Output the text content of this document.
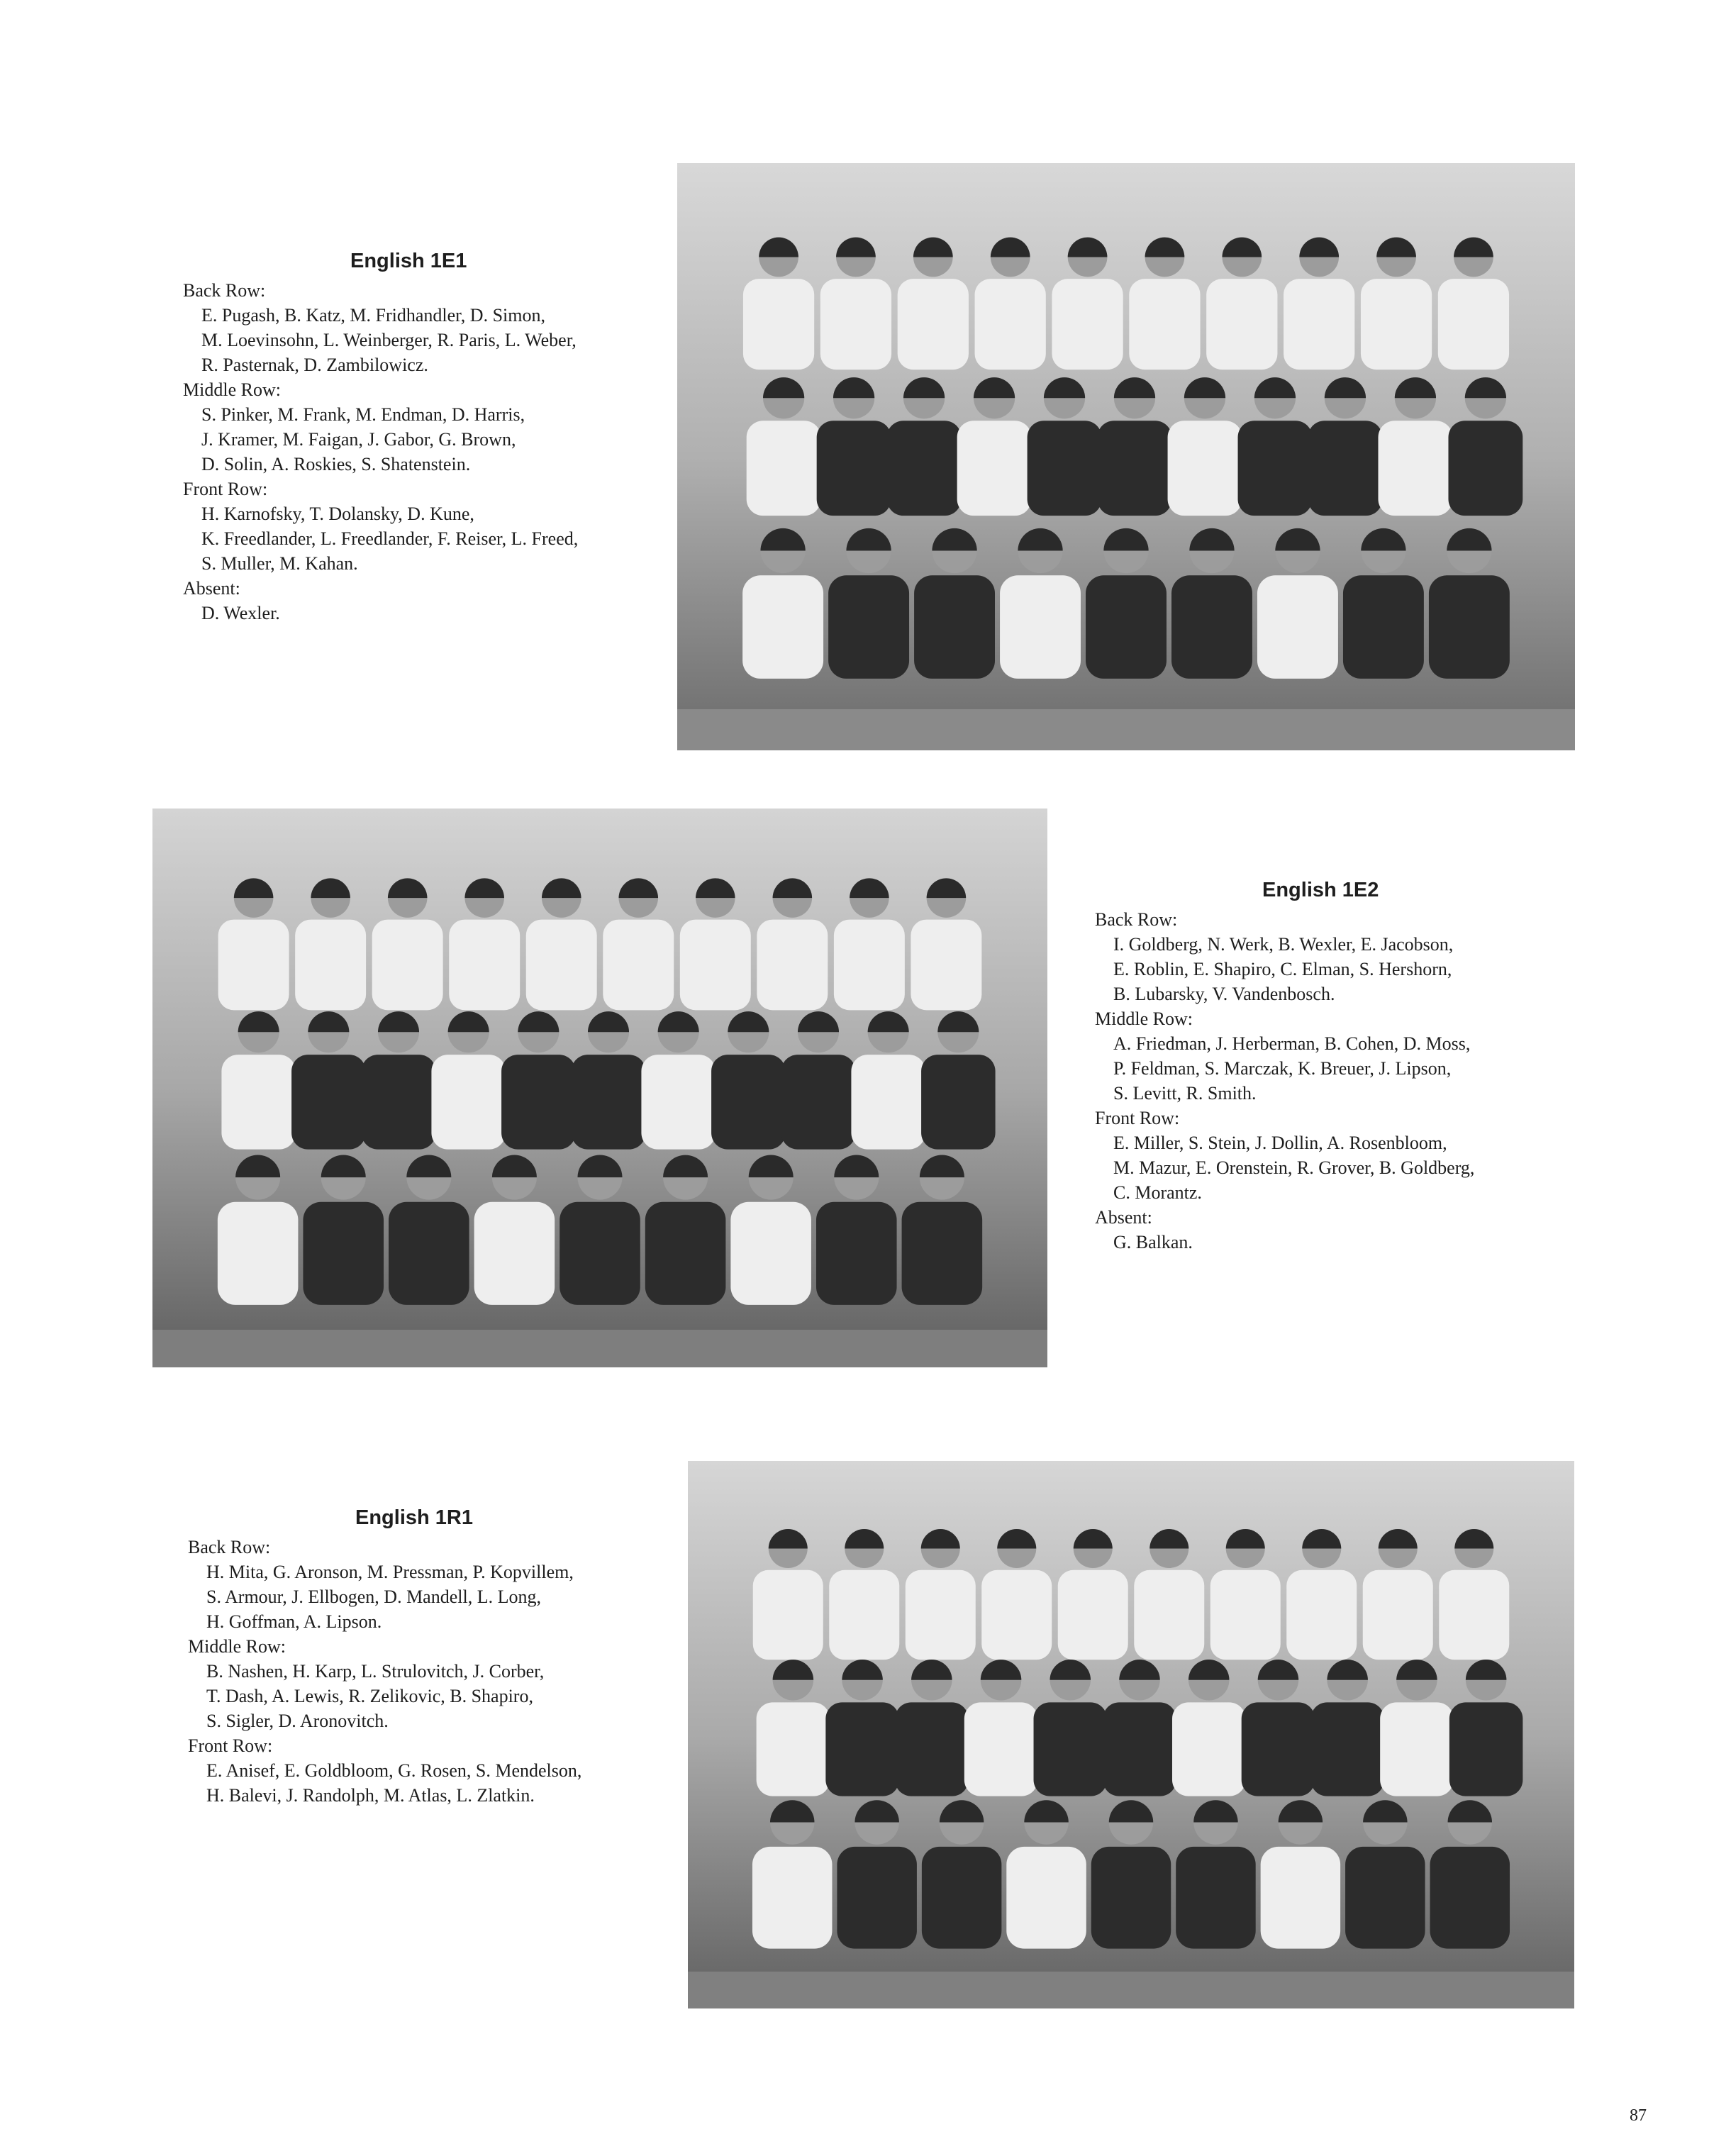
English 1E1
Back Row:
E. Pugash, B. Katz, M. Fridhandler, D. Simon,
M. Loevinsohn, L. Weinberger, R. Paris, L. Weber,
R. Pasternak, D. Zambilowicz.
Middle Row:
S. Pinker, M. Frank, M. Endman, D. Harris,
J. Kramer, M. Faigan, J. Gabor, G. Brown,
D. Solin, A. Roskies, S. Shatenstein.
Front Row:
H. Karnofsky, T. Dolansky, D. Kune,
K. Freedlander, L. Freedlander, F. Reiser, L. Freed,
S. Muller, M. Kahan.
Absent:
D. Wexler.
English 1E2
Back Row:
I. Goldberg, N. Werk, B. Wexler, E. Jacobson,
E. Roblin, E. Shapiro, C. Elman, S. Hershorn,
B. Lubarsky, V. Vandenbosch.
Middle Row:
A. Friedman, J. Herberman, B. Cohen, D. Moss,
P. Feldman, S. Marczak, K. Breuer, J. Lipson,
S. Levitt, R. Smith.
Front Row:
E. Miller, S. Stein, J. Dollin, A. Rosenbloom,
M. Mazur, E. Orenstein, R. Grover, B. Goldberg,
C. Morantz.
Absent:
G. Balkan.
English 1R1
Back Row:
H. Mita, G. Aronson, M. Pressman, P. Kopvillem,
S. Armour, J. Ellbogen, D. Mandell, L. Long,
H. Goffman, A. Lipson.
Middle Row:
B. Nashen, H. Karp, L. Strulovitch, J. Corber,
T. Dash, A. Lewis, R. Zelikovic, B. Shapiro,
S. Sigler, D. Aronovitch.
Front Row:
E. Anisef, E. Goldbloom, G. Rosen, S. Mendelson,
H. Balevi, J. Randolph, M. Atlas, L. Zlatkin.
87
